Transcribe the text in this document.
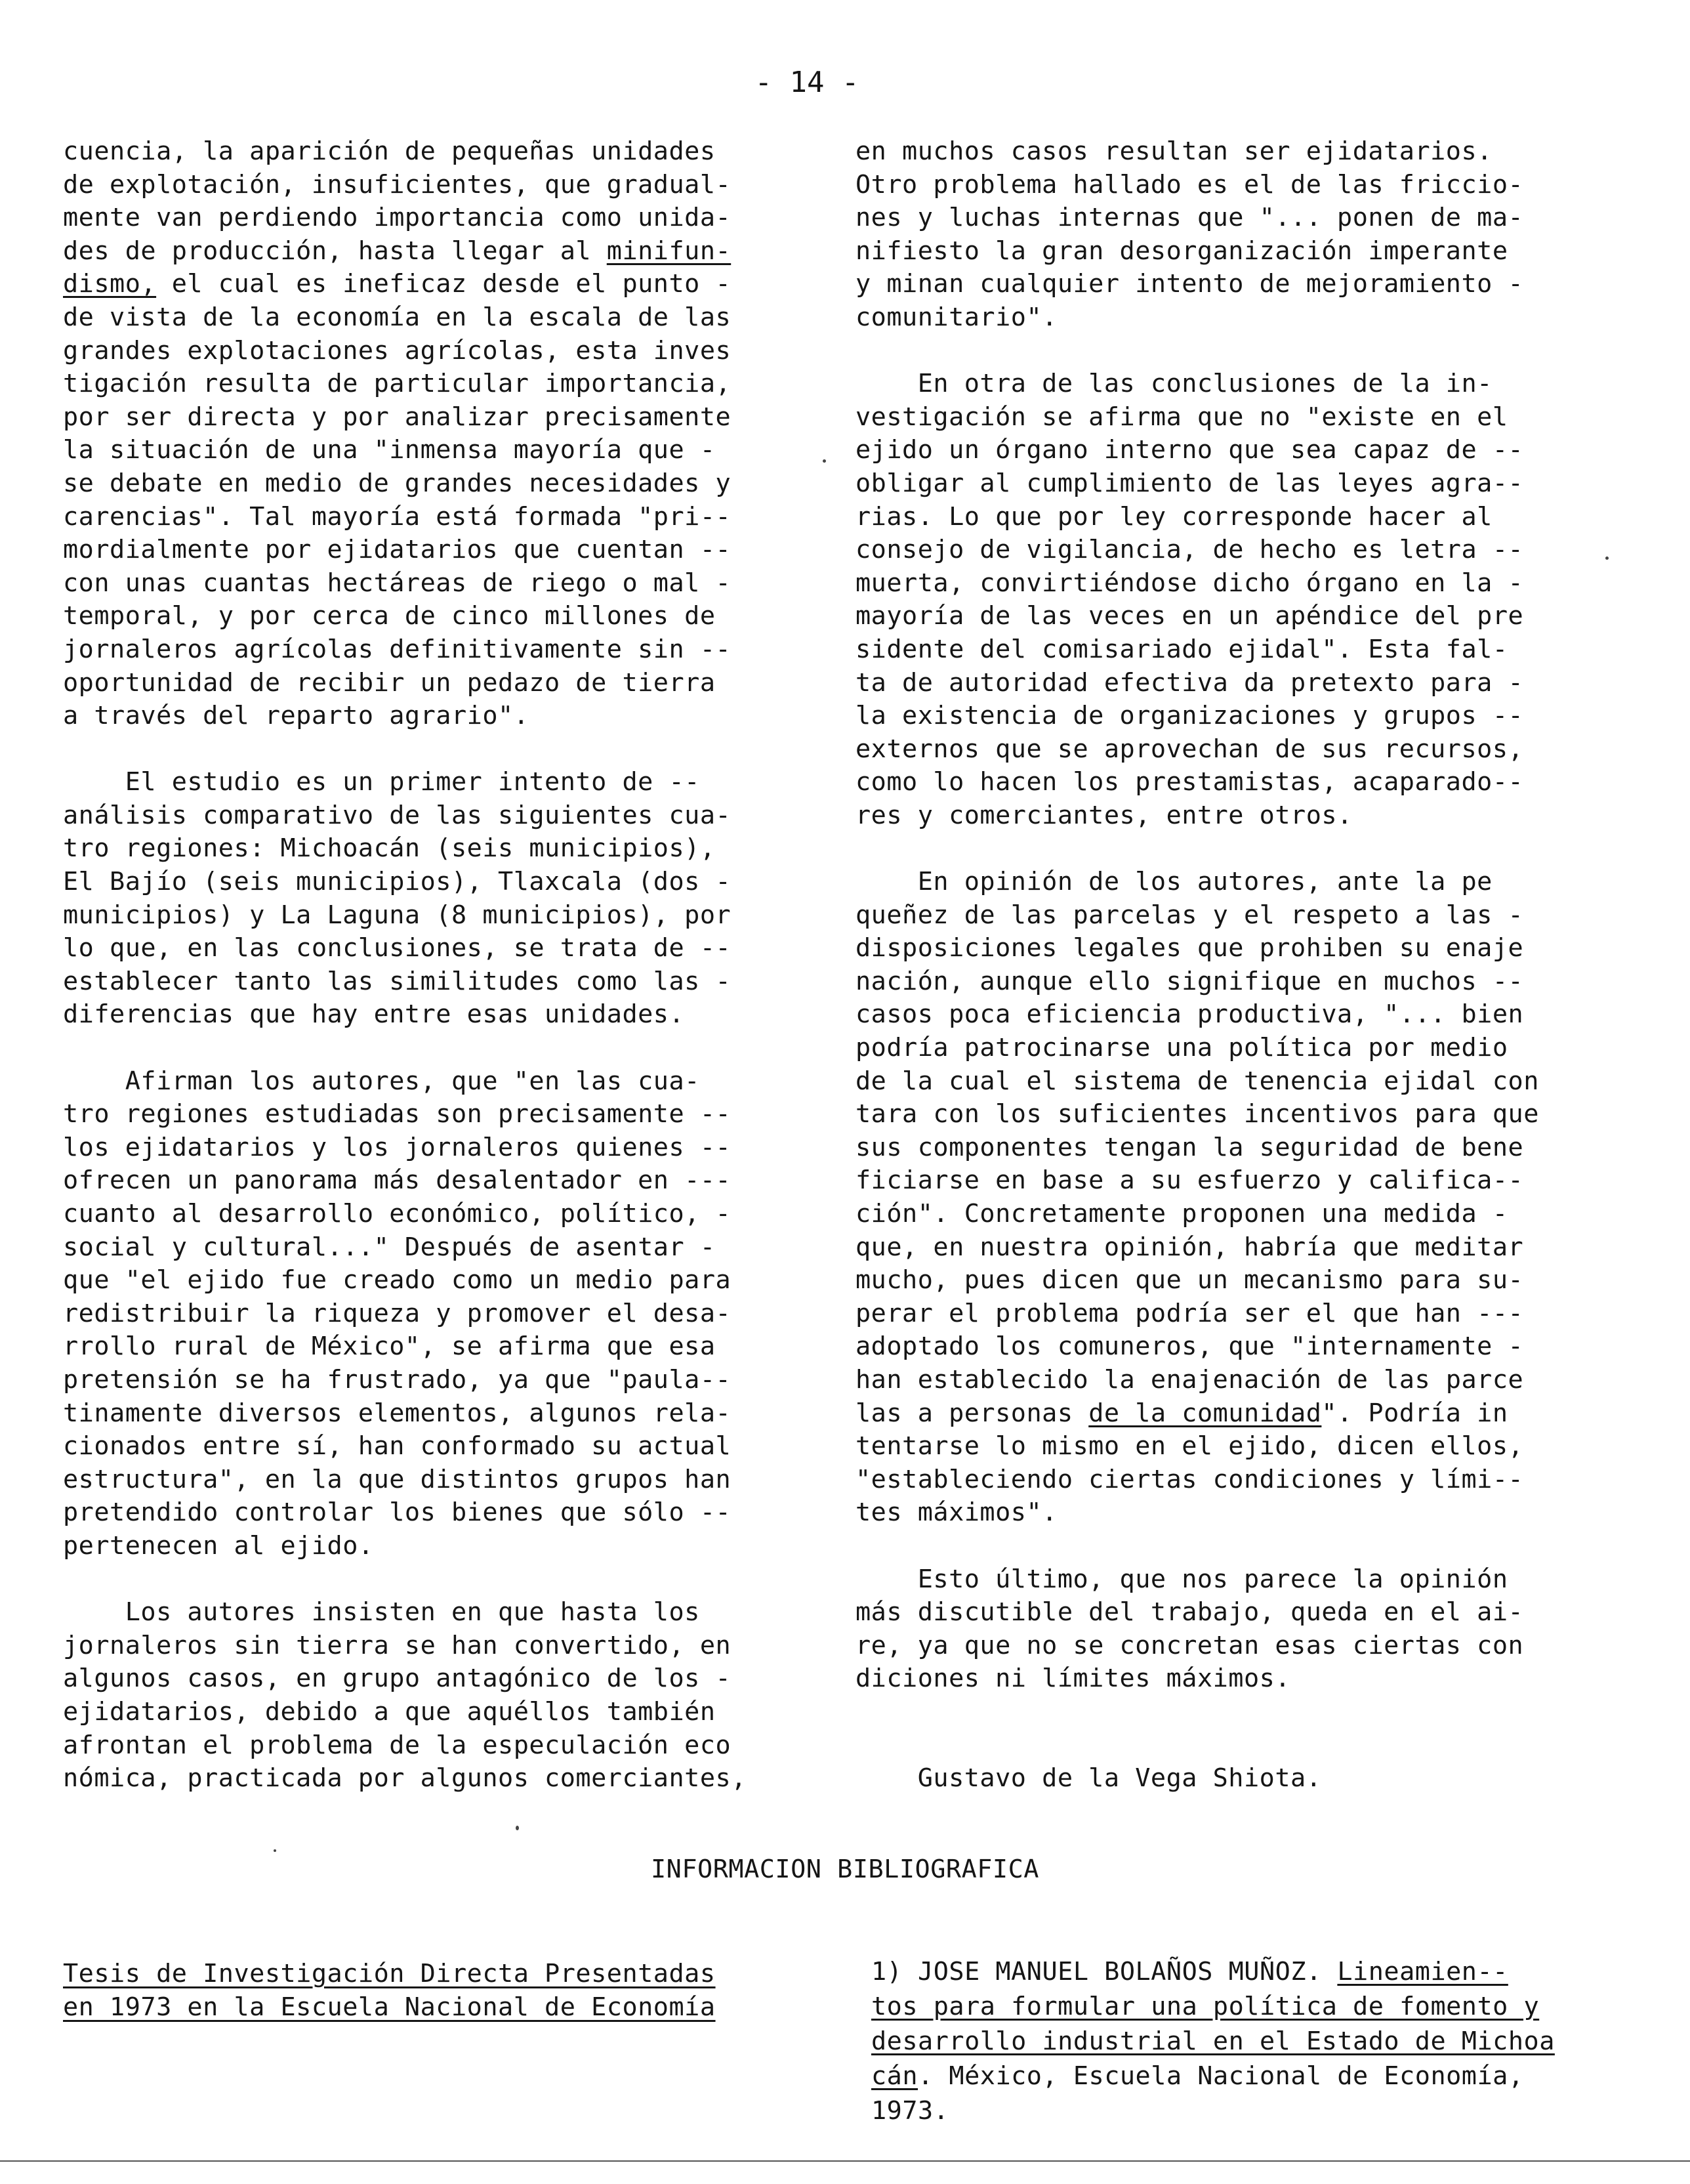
- 14 -
cuencia, la aparición de pequeñas unidades
de explotación, insuficientes, que gradual-
mente van perdiendo importancia como unida-
des de producción, hasta llegar al minifun-
dismo, el cual es ineficaz desde el punto -
de vista de la economía en la escala de las
grandes explotaciones agrícolas, esta inves
tigación resulta de particular importancia,
por ser directa y por analizar precisamente
la situación de una "inmensa mayoría que -
se debate en medio de grandes necesidades y
carencias". Tal mayoría está formada "pri--
mordialmente por ejidatarios que cuentan --
con unas cuantas hectáreas de riego o mal -
temporal, y por cerca de cinco millones de
jornaleros agrícolas definitivamente sin --
oportunidad de recibir un pedazo de tierra
a través del reparto agrario".
El estudio es un primer intento de --
análisis comparativo de las siguientes cua-
tro regiones: Michoacán (seis municipios),
El Bajío (seis municipios), Tlaxcala (dos -
municipios) y La Laguna (8 municipios), por
lo que, en las conclusiones, se trata de --
establecer tanto las similitudes como las -
diferencias que hay entre esas unidades.
Afirman los autores, que "en las cua-
tro regiones estudiadas son precisamente --
los ejidatarios y los jornaleros quienes --
ofrecen un panorama más desalentador en ---
cuanto al desarrollo económico, político, -
social y cultural..." Después de asentar -
que "el ejido fue creado como un medio para
redistribuir la riqueza y promover el desa-
rrollo rural de México", se afirma que esa
pretensión se ha frustrado, ya que "paula--
tinamente diversos elementos, algunos rela-
cionados entre sí, han conformado su actual
estructura", en la que distintos grupos han
pretendido controlar los bienes que sólo --
pertenecen al ejido.
Los autores insisten en que hasta los
jornaleros sin tierra se han convertido, en
algunos casos, en grupo antagónico de los -
ejidatarios, debido a que aquéllos también
afrontan el problema de la especulación eco
nómica, practicada por algunos comerciantes,
en muchos casos resultan ser ejidatarios.
Otro problema hallado es el de las friccio-
nes y luchas internas que "... ponen de ma-
nifiesto la gran desorganización imperante
y minan cualquier intento de mejoramiento -
comunitario".
En otra de las conclusiones de la in-
vestigación se afirma que no "existe en el
ejido un órgano interno que sea capaz de --
obligar al cumplimiento de las leyes agra--
rias. Lo que por ley corresponde hacer al
consejo de vigilancia, de hecho es letra --
muerta, convirtiéndose dicho órgano en la -
mayoría de las veces en un apéndice del pre
sidente del comisariado ejidal". Esta fal-
ta de autoridad efectiva da pretexto para -
la existencia de organizaciones y grupos --
externos que se aprovechan de sus recursos,
como lo hacen los prestamistas, acaparado--
res y comerciantes, entre otros.
En opinión de los autores, ante la pe
queñez de las parcelas y el respeto a las -
disposiciones legales que prohiben su enaje
nación, aunque ello signifique en muchos --
casos poca eficiencia productiva, "... bien
podría patrocinarse una política por medio
de la cual el sistema de tenencia ejidal con
tara con los suficientes incentivos para que
sus componentes tengan la seguridad de bene
ficiarse en base a su esfuerzo y califica--
ción". Concretamente proponen una medida -
que, en nuestra opinión, habría que meditar
mucho, pues dicen que un mecanismo para su-
perar el problema podría ser el que han ---
adoptado los comuneros, que "internamente -
han establecido la enajenación de las parce
las a personas de la comunidad". Podría in
tentarse lo mismo en el ejido, dicen ellos,
"estableciendo ciertas condiciones y lími--
tes máximos".
Esto último, que nos parece la opinión
más discutible del trabajo, queda en el ai-
re, ya que no se concretan esas ciertas con
diciones ni límites máximos.
Gustavo de la Vega Shiota.
INFORMACION BIBLIOGRAFICA
Tesis de Investigación Directa Presentadas
en 1973 en la Escuela Nacional de Economía
1) JOSE MANUEL BOLAÑOS MUÑOZ. Lineamien--
tos para formular una política de fomento y
desarrollo industrial en el Estado de Michoa
cán. México, Escuela Nacional de Economía,
1973.
